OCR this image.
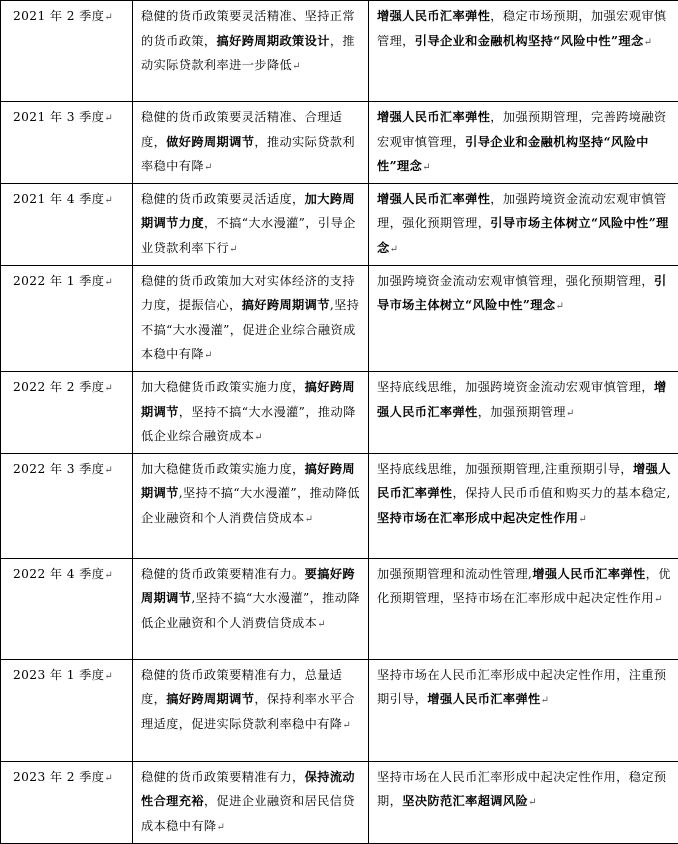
2021 年 2 季度↵	稳健的货币政策要灵活精准、坚持正常的货币政策，搞好跨周期政策设计，推动实际贷款利率进一步降低↵	增强人民币汇率弹性，稳定市场预期，加强宏观审慎管理，引导企业和金融机构坚持“风险中性”理念↵
2021 年 3 季度↵	稳健的货币政策要灵活精准、合理适度，做好跨周期调节，推动实际贷款利率稳中有降↵	增强人民币汇率弹性，加强预期管理，完善跨境融资宏观审慎管理，引导企业和金融机构坚持“风险中性”理念↵
2021 年 4 季度↵	稳健的货币政策要灵活适度，加大跨周期调节力度，不搞“大水漫灌”，引导企业贷款利率下行↵	增强人民币汇率弹性，加强跨境资金流动宏观审慎管理，强化预期管理，引导市场主体树立“风险中性”理念↵
2022 年 1 季度↵	稳健的货币政策加大对实体经济的支持力度，提振信心，搞好跨周期调节,坚持不搞“大水漫灌”，促进企业综合融资成本稳中有降↵	加强跨境资金流动宏观审慎管理，强化预期管理，引导市场主体树立“风险中性”理念↵
2022 年 2 季度↵	加大稳健货币政策实施力度，搞好跨周期调节，坚持不搞“大水漫灌”，推动降低企业综合融资成本↵	坚持底线思维，加强跨境资金流动宏观审慎管理，增强人民币汇率弹性，加强预期管理↵
2022 年 3 季度↵	加大稳健货币政策实施力度，搞好跨周期调节,坚持不搞“大水漫灌”，推动降低企业融资和个人消费信贷成本↵	坚持底线思维，加强预期管理,注重预期引导，增强人民币汇率弹性，保持人民币币值和购买力的基本稳定,坚持市场在汇率形成中起决定性作用↵
2022 年 4 季度↵	稳健的货币政策要精准有力。要搞好跨周期调节,坚持不搞“大水漫灌”，推动降低企业融资和个人消费信贷成本↵	加强预期管理和流动性管理,增强人民币汇率弹性，优化预期管理，坚持市场在汇率形成中起决定性作用↵
2023 年 1 季度↵	稳健的货币政策要精准有力，总量适度，搞好跨周期调节，保持利率水平合理适度，促进实际贷款利率稳中有降↵	坚持市场在人民币汇率形成中起决定性作用，注重预期引导，增强人民币汇率弹性↵
2023 年 2 季度↵	稳健的货币政策要精准有力，保持流动性合理充裕，促进企业融资和居民信贷成本稳中有降↵	坚持市场在人民币汇率形成中起决定性作用，稳定预期，坚决防范汇率超调风险↵
